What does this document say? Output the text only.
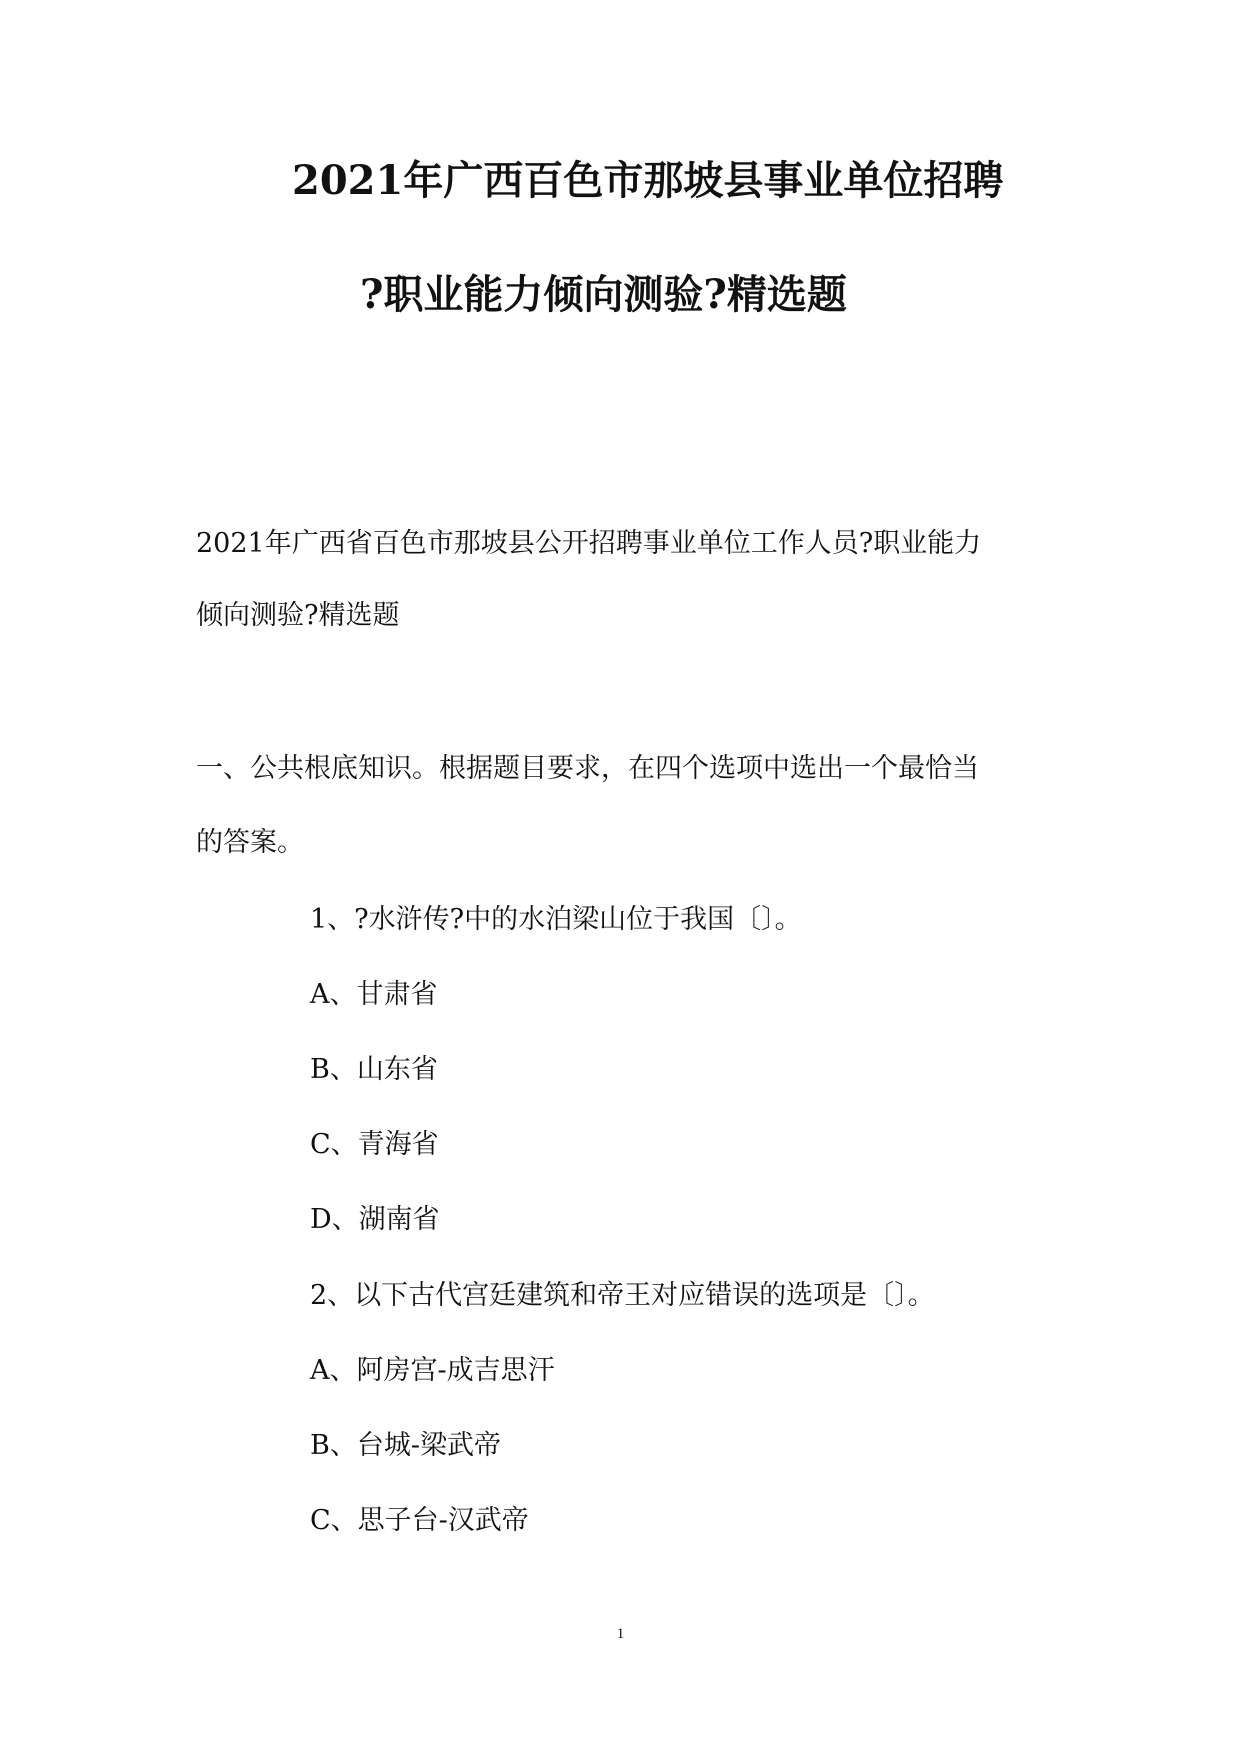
2021年广西百色市那坡县事业单位招聘
?职业能力倾向测验?精选题
2021年广西省百色市那坡县公开招聘事业单位工作人员?职业能力
倾向测验?精选题
一、公共根底知识。根据题目要求，在四个选项中选出一个最恰当
的答案。
1、?水浒传?中的水泊梁山位于我国〔〕。
A、甘肃省
B、山东省
C、青海省
D、湖南省
2、以下古代宫廷建筑和帝王对应错误的选项是〔〕。
A、阿房宫-成吉思汗
B、台城-梁武帝
C、思子台-汉武帝
1
